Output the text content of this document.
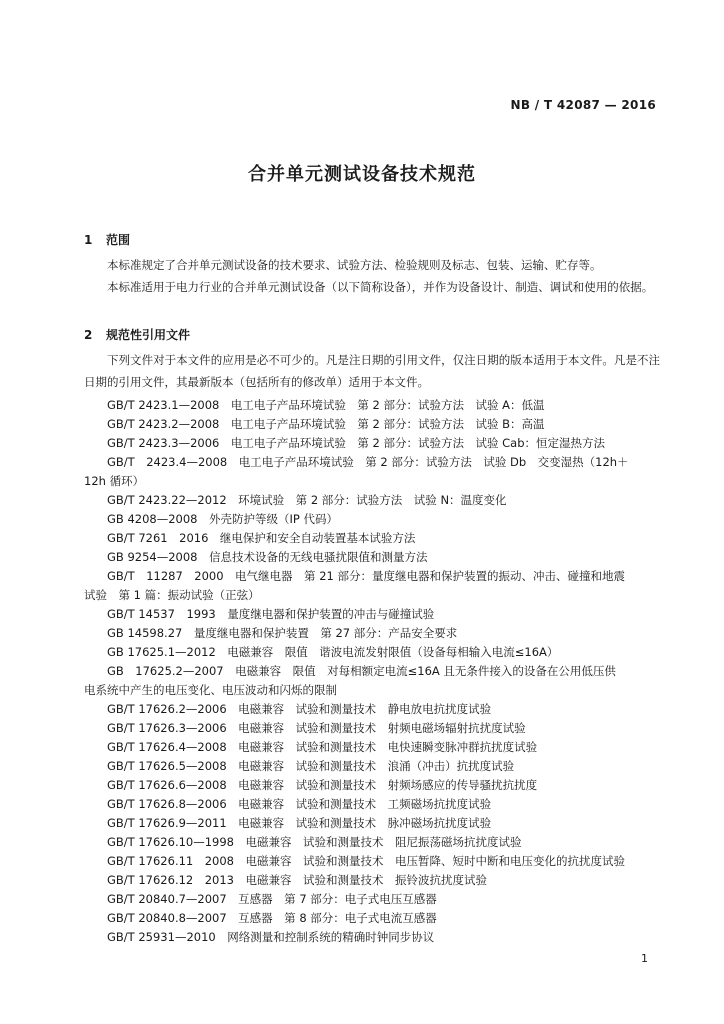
NB / T 42087 — 2016
合并单元测试设备技术规范
1 范围
本标准规定了合并单元测试设备的技术要求、试验方法、检验规则及标志、包装、运输、贮存等。
本标准适用于电力行业的合并单元测试设备（以下简称设备），并作为设备设计、制造、调试和使用的依据。
2 规范性引用文件
下列文件对于本文件的应用是必不可少的。凡是注日期的引用文件，仅注日期的版本适用于本文件。凡是不注日期的引用文件，其最新版本（包括所有的修改单）适用于本文件。
GB/T 2423.1—2008　电工电子产品环境试验　第 2 部分：试验方法　试验 A：低温
GB/T 2423.2—2008　电工电子产品环境试验　第 2 部分：试验方法　试验 B：高温
GB/T 2423.3—2006　电工电子产品环境试验　第 2 部分：试验方法　试验 Cab：恒定湿热方法
GB/T　2423.4—2008　电工电子产品环境试验　第 2 部分：试验方法　试验 Db　交变湿热（12h＋
12h 循环）
GB/T 2423.22—2012　环境试验　第 2 部分：试验方法　试验 N：温度变化
GB 4208—2008　外壳防护等级（IP 代码）
GB/T 7261　2016　继电保护和安全自动装置基本试验方法
GB 9254—2008　信息技术设备的无线电骚扰限值和测量方法
GB/T　11287　2000　电气继电器　第 21 部分：量度继电器和保护装置的振动、冲击、碰撞和地震
试验　第 1 篇：振动试验（正弦）
GB/T 14537　1993　量度继电器和保护装置的冲击与碰撞试验
GB 14598.27　量度继电器和保护装置　第 27 部分：产品安全要求
GB 17625.1—2012　电磁兼容　限值　谐波电流发射限值（设备每相输入电流≤16A）
GB　17625.2—2007　电磁兼容　限值　对每相额定电流≤16A 且无条件接入的设备在公用低压供
电系统中产生的电压变化、电压波动和闪烁的限制
GB/T 17626.2—2006　电磁兼容　试验和测量技术　静电放电抗扰度试验
GB/T 17626.3—2006　电磁兼容　试验和测量技术　射频电磁场辐射抗扰度试验
GB/T 17626.4—2008　电磁兼容　试验和测量技术　电快速瞬变脉冲群抗扰度试验
GB/T 17626.5—2008　电磁兼容　试验和测量技术　浪涌（冲击）抗扰度试验
GB/T 17626.6—2008　电磁兼容　试验和测量技术　射频场感应的传导骚扰抗扰度
GB/T 17626.8—2006　电磁兼容　试验和测量技术　工频磁场抗扰度试验
GB/T 17626.9—2011　电磁兼容　试验和测量技术　脉冲磁场抗扰度试验
GB/T 17626.10—1998　电磁兼容　试验和测量技术　阻尼振荡磁场抗扰度试验
GB/T 17626.11　2008　电磁兼容　试验和测量技术　电压暂降、短时中断和电压变化的抗扰度试验
GB/T 17626.12　2013　电磁兼容　试验和测量技术　振铃波抗扰度试验
GB/T 20840.7—2007　互感器　第 7 部分：电子式电压互感器
GB/T 20840.8—2007　互感器　第 8 部分：电子式电流互感器
GB/T 25931—2010　网络测量和控制系统的精确时钟同步协议
1
